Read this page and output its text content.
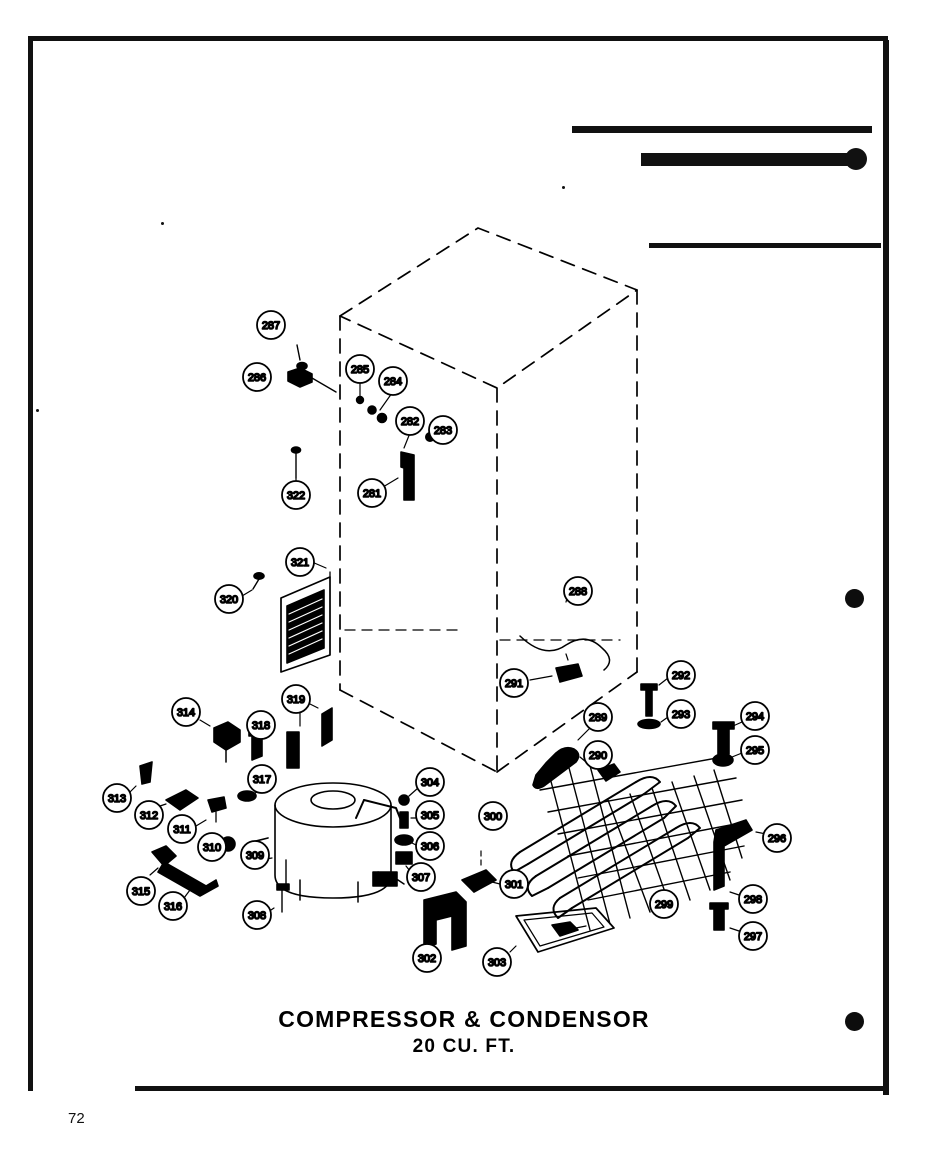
287
286
285
284
282
283
322	281
321
320
288
291
292
293	294
295
319
314
318
289
290
317
313
312
311
310
309
304
305
306
307
300
301
296
298
297
299
315
316
308
302	303
COMPRESSOR & CONDENSOR
20 CU. FT.
72
